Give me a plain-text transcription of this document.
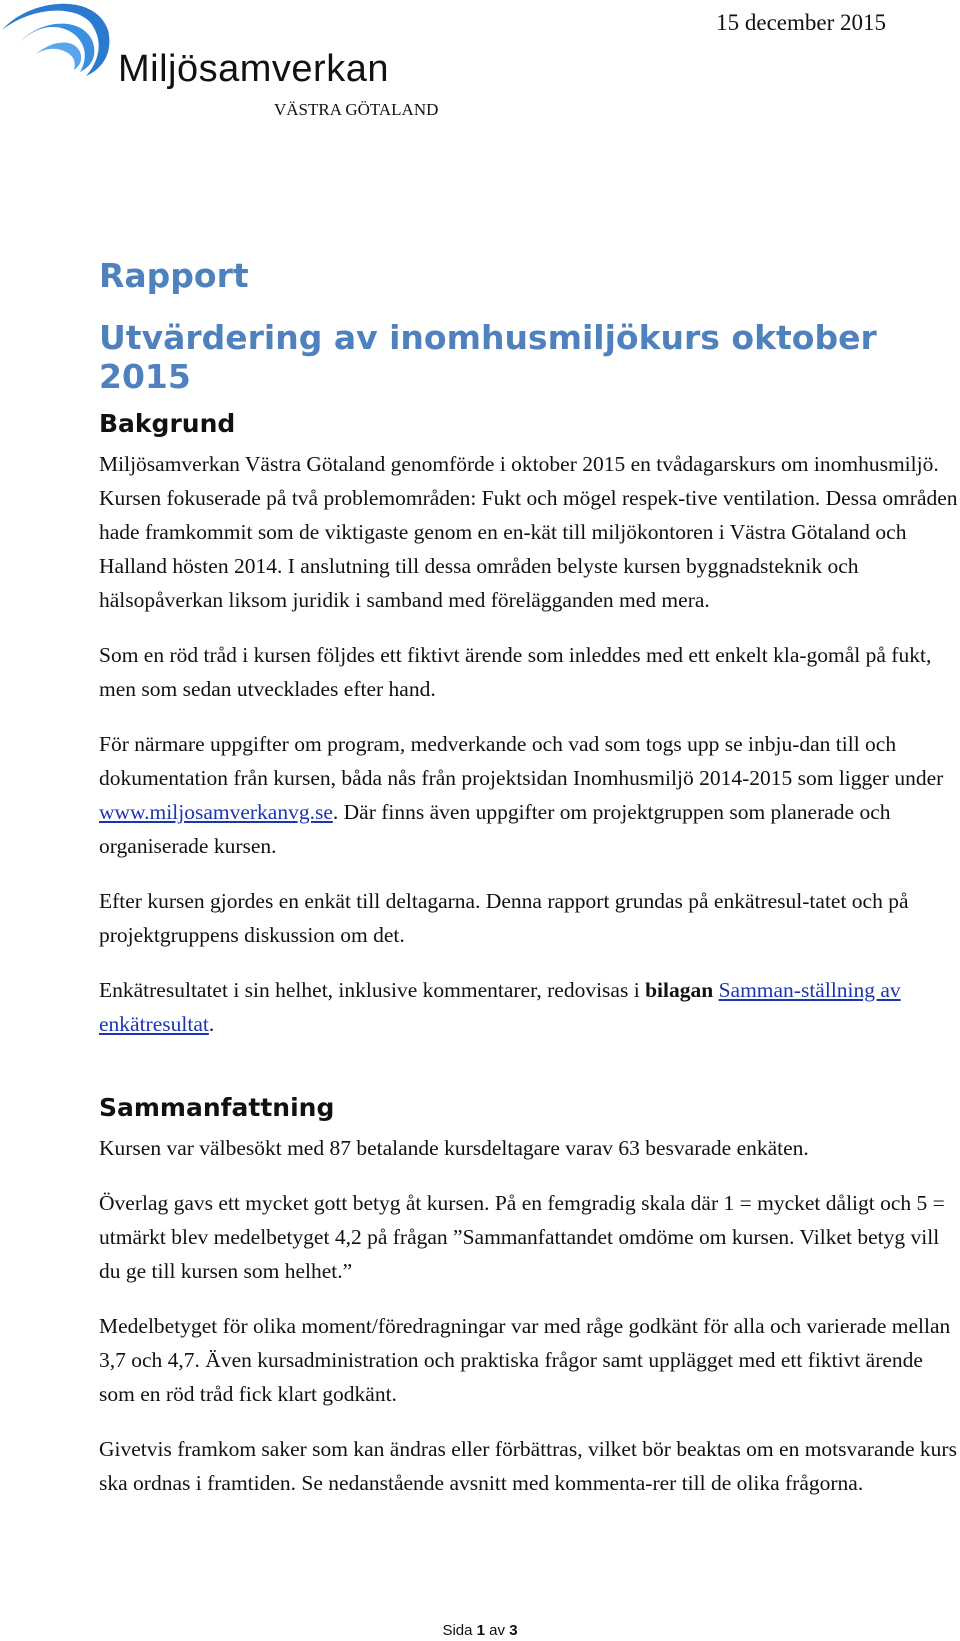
Miljösamverkan
VÄSTRA GÖTALAND
15 december 2015
Rapport
Utvärdering av inomhusmiljökurs oktober 2015
Bakgrund

Miljösamverkan Västra Götaland genomförde i oktober 2015 en tvådagarskurs om inomhusmiljö. Kursen fokuserade på två problemområden: Fukt och mögel respek-tive ventilation. Dessa områden hade framkommit som de viktigaste genom en en-kät till miljökontoren i Västra Götaland och Halland hösten 2014. I anslutning till dessa områden belyste kursen byggnadsteknik och hälsopåverkan liksom juridik i samband med förelägganden med mera.

Som en röd tråd i kursen följdes ett fiktivt ärende som inleddes med ett enkelt kla-gomål på fukt, men som sedan utvecklades efter hand.

För närmare uppgifter om program, medverkande och vad som togs upp se inbju-dan till och dokumentation från kursen, båda nås från projektsidan Inomhusmiljö 2014-2015 som ligger under www.miljosamverkanvg.se. Där finns även uppgifter om projektgruppen som planerade och organiserade kursen.

Efter kursen gjordes en enkät till deltagarna. Denna rapport grundas på enkätresul-tatet och på projektgruppens diskussion om det.

Enkätresultatet i sin helhet, inklusive kommentarer, redovisas i bilagan Samman-ställning av enkätresultat.

Sammanfattning

Kursen var välbesökt med 87 betalande kursdeltagare varav 63 besvarade enkäten.

Överlag gavs ett mycket gott betyg åt kursen. På en femgradig skala där 1 = mycket dåligt och 5 = utmärkt blev medelbetyget 4,2 på frågan ”Sammanfattandet omdöme om kursen. Vilket betyg vill du ge till kursen som helhet.”

Medelbetyget för olika moment/föredragningar var med råge godkänt för alla och varierade mellan 3,7 och 4,7. Även kursadministration och praktiska frågor samt upplägget med ett fiktivt ärende som en röd tråd fick klart godkänt.

Givetvis framkom saker som kan ändras eller förbättras, vilket bör beaktas om en motsvarande kurs ska ordnas i framtiden. Se nedanstående avsnitt med kommenta-rer till de olika frågorna.

Sida 1 av 3
